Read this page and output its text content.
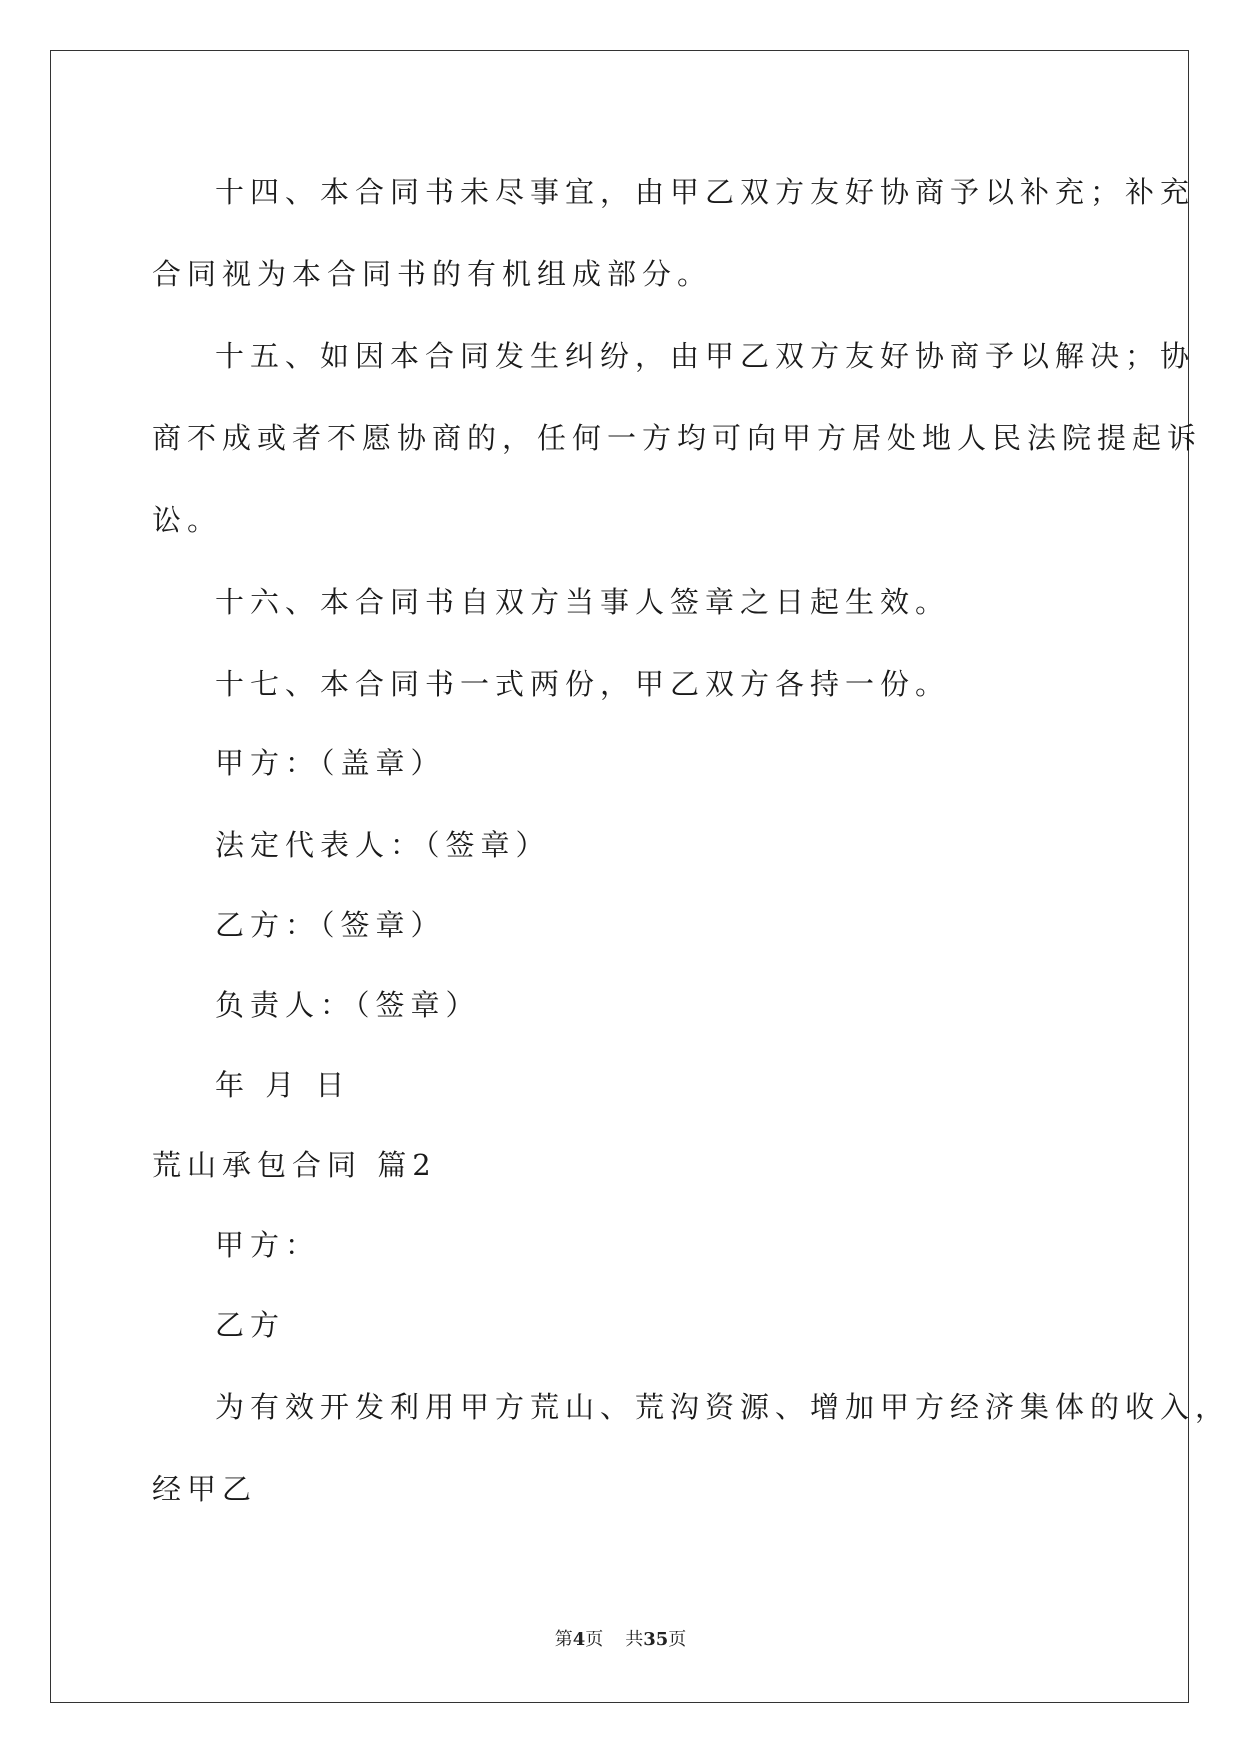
十四、本合同书未尽事宜，由甲乙双方友好协商予以补充；补充

合同视为本合同书的有机组成部分。

十五、如因本合同发生纠纷，由甲乙双方友好协商予以解决；协

商不成或者不愿协商的，任何一方均可向甲方居处地人民法院提起诉

讼。

十六、本合同书自双方当事人签章之日起生效。

十七、本合同书一式两份，甲乙双方各持一份。

甲方：（盖章）

法定代表人：（签章）

乙方：（签章）

负责人：（签章）

年 月 日

荒山承包合同 篇2

甲方：

乙方

为有效开发利用甲方荒山、荒沟资源、增加甲方经济集体的收入，

经甲乙

第4页 共35页
